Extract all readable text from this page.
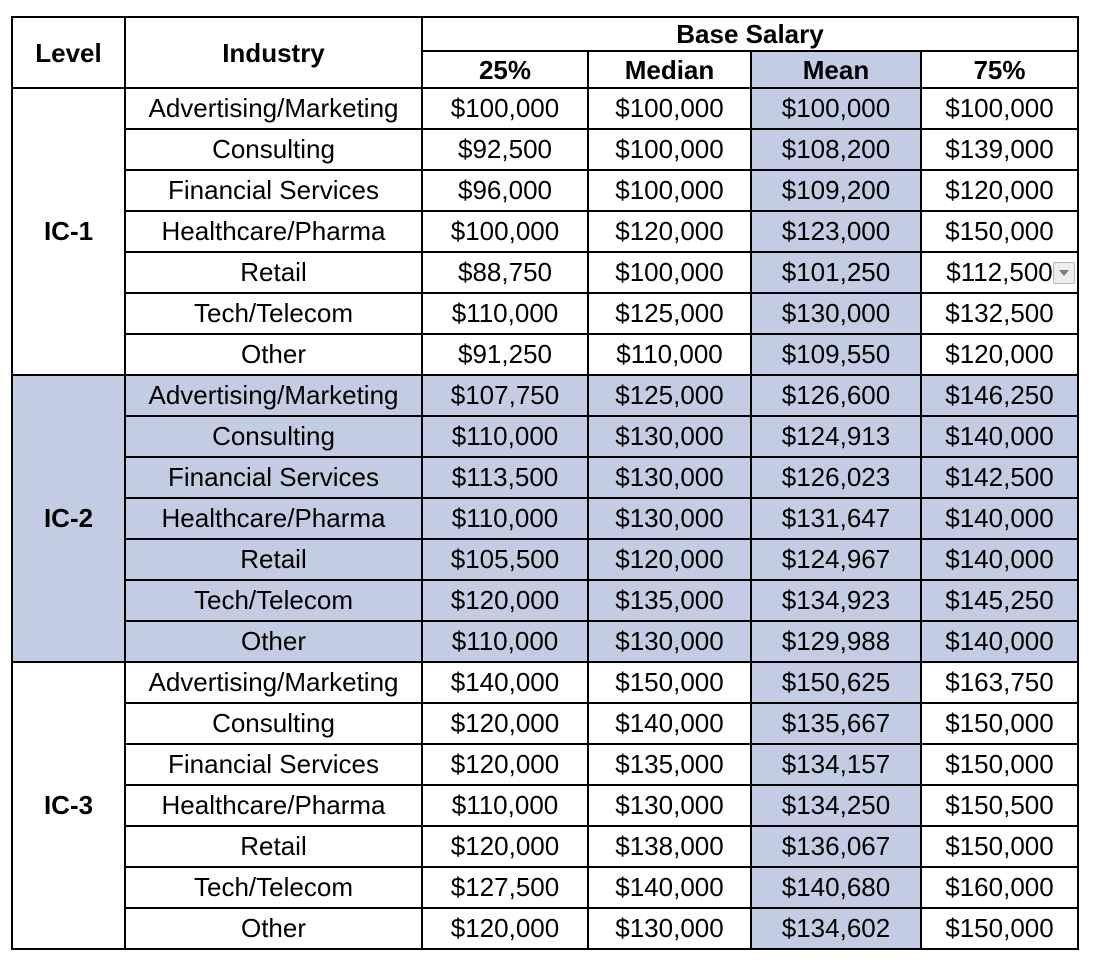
Level	Industry	Base Salary			
		25%	Median	Mean	75%
IC-1	Advertising/Marketing	$100,000	$100,000	$100,000	$100,000
	Consulting	$92,500	$100,000	$108,200	$139,000
	Financial Services	$96,000	$100,000	$109,200	$120,000
	Healthcare/Pharma	$100,000	$120,000	$123,000	$150,000
	Retail	$88,750	$100,000	$101,250	$112,500

	Tech/Telecom	$110,000	$125,000	$130,000	$132,500
	Other	$91,250	$110,000	$109,550	$120,000
IC-2	Advertising/Marketing	$107,750	$125,000	$126,600	$146,250
	Consulting	$110,000	$130,000	$124,913	$140,000
	Financial Services	$113,500	$130,000	$126,023	$142,500
	Healthcare/Pharma	$110,000	$130,000	$131,647	$140,000
	Retail	$105,500	$120,000	$124,967	$140,000
	Tech/Telecom	$120,000	$135,000	$134,923	$145,250
	Other	$110,000	$130,000	$129,988	$140,000
IC-3	Advertising/Marketing	$140,000	$150,000	$150,625	$163,750
	Consulting	$120,000	$140,000	$135,667	$150,000
	Financial Services	$120,000	$135,000	$134,157	$150,000
	Healthcare/Pharma	$110,000	$130,000	$134,250	$150,500
	Retail	$120,000	$138,000	$136,067	$150,000
	Tech/Telecom	$127,500	$140,000	$140,680	$160,000
	Other	$120,000	$130,000	$134,602	$150,000
